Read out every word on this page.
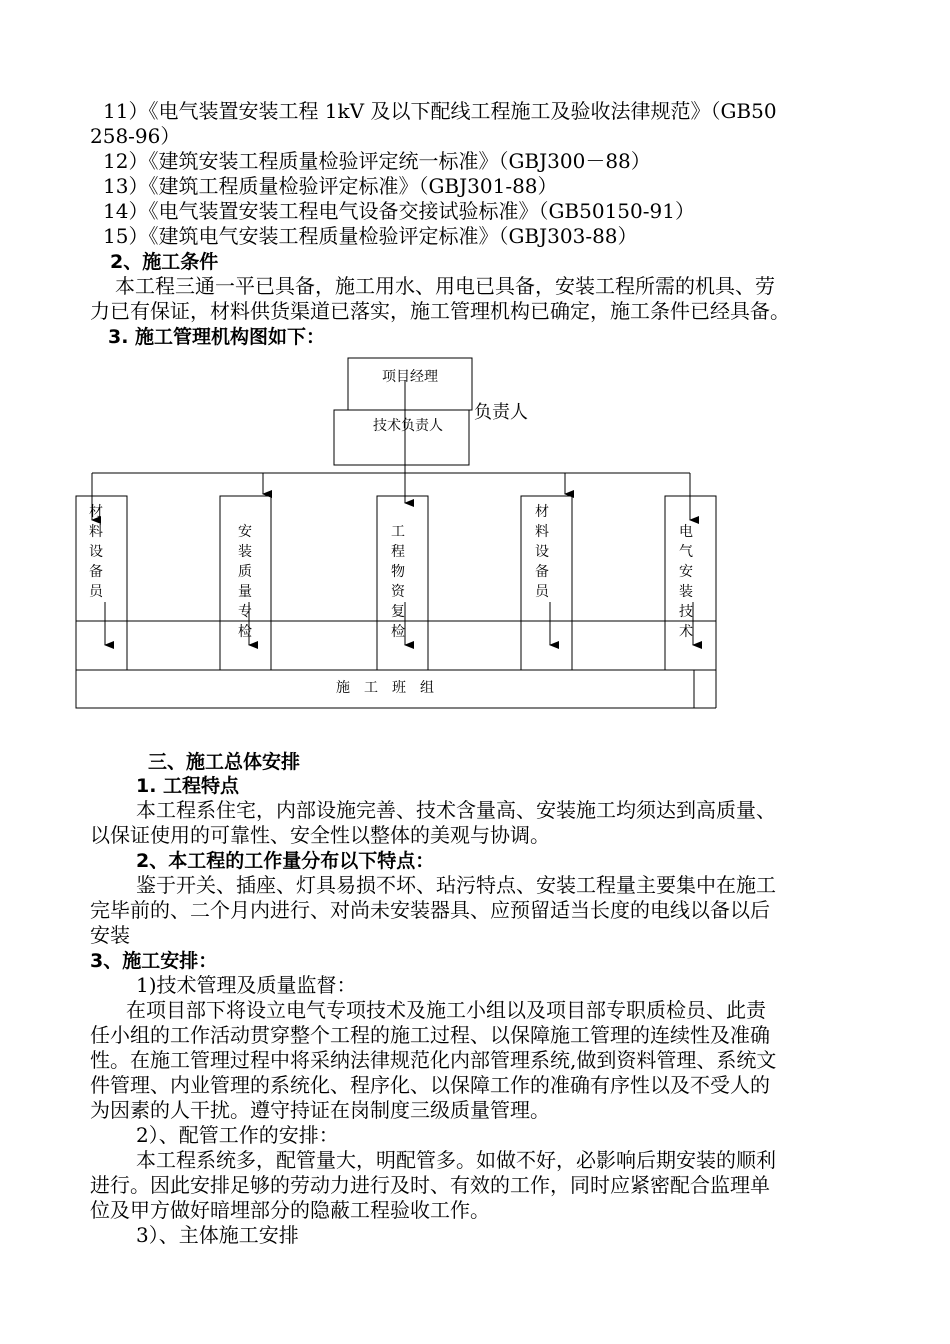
11）《电气装置安装工程 1kV 及以下配线工程施工及验收法律规范》（GB50
258-96）
12）《建筑安装工程质量检验评定统一标准》（GBJ300－88）
13）《建筑工程质量检验评定标准》（GBJ301-88）
14）《电气装置安装工程电气设备交接试验标准》（GB50150-91）
15）《建筑电气安装工程质量检验评定标准》（GBJ303-88）
2、施工条件
本工程三通一平已具备，施工用水、用电已具备，安装工程所需的机具、劳
力已有保证，材料供货渠道已落实，施工管理机构已确定，施工条件已经具备。
3. 施工管理机构图如下：
项目经理
技术负责人
负责人
施　工　班　组
材料设备员
安装质量专检
工程物资复检
材料设备员
电气安装技术
三、施工总体安排
1. 工程特点
本工程系住宅，内部设施完善、技术含量高、安装施工均须达到高质量、
以保证使用的可靠性、安全性以整体的美观与协调。
2、本工程的工作量分布以下特点：
鉴于开关、插座、灯具易损不坏、玷污特点、安装工程量主要集中在施工
完毕前的、二个月内进行、对尚未安装器具、应预留适当长度的电线以备以后
安装
3、施工安排：
1)技术管理及质量监督：
在项目部下将设立电气专项技术及施工小组以及项目部专职质检员、此责
任小组的工作活动贯穿整个工程的施工过程、以保障施工管理的连续性及准确
性。在施工管理过程中将采纳法律规范化内部管理系统,做到资料管理、系统文
件管理、内业管理的系统化、程序化、以保障工作的准确有序性以及不受人的
为因素的人干扰。遵守持证在岗制度三级质量管理。
2）、配管工作的安排：
本工程系统多，配管量大，明配管多。如做不好，必影响后期安装的顺利
进行。因此安排足够的劳动力进行及时、有效的工作，同时应紧密配合监理单
位及甲方做好暗埋部分的隐蔽工程验收工作。
3）、主体施工安排
